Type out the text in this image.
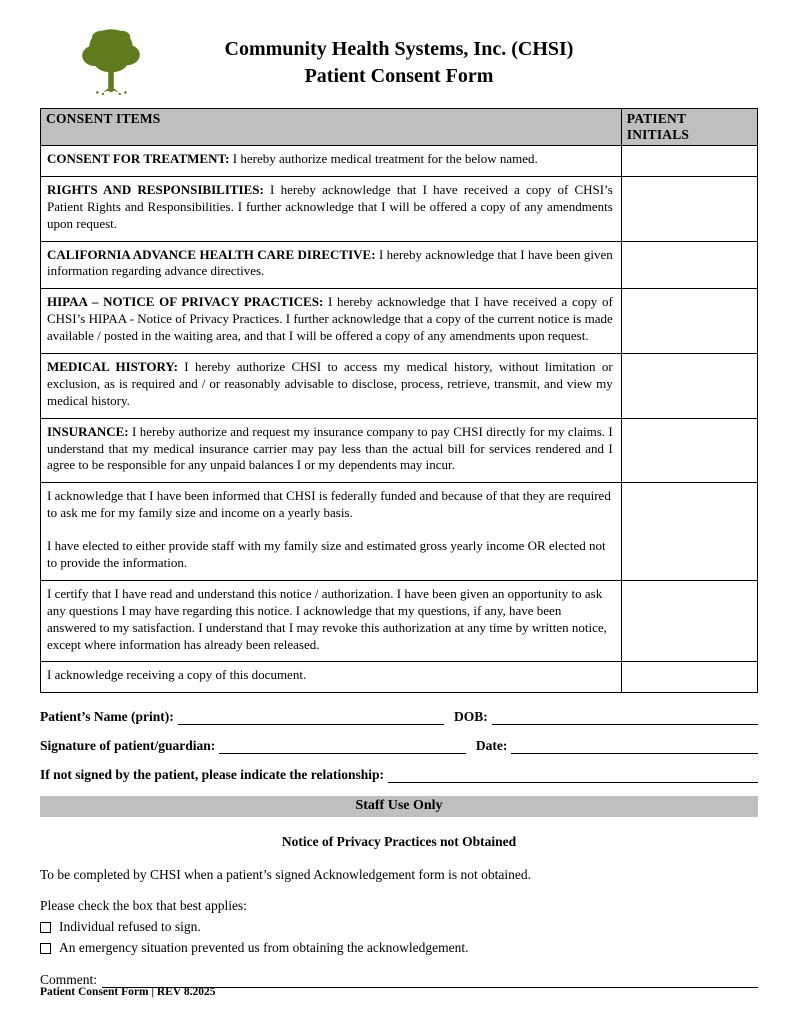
Community Health Systems, Inc. (CHSI)
Patient Consent Form
CONSENT ITEMS	PATIENT INITIALS

CONSENT FOR TREATMENT: I hereby authorize medical treatment for the below named.	

RIGHTS AND RESPONSIBILITIES: I hereby acknowledge that I have received a copy of CHSI’s Patient Rights and Responsibilities. I further acknowledge that I will be offered a copy of any amendments upon request.	

CALIFORNIA ADVANCE HEALTH CARE DIRECTIVE: I hereby acknowledge that I have been given information regarding advance directives.	

HIPAA – NOTICE OF PRIVACY PRACTICES: I hereby acknowledge that I have received a copy of CHSI’s HIPAA - Notice of Privacy Practices. I further acknowledge that a copy of the current notice is made available / posted in the waiting area, and that I will be offered a copy of any amendments upon request.	

MEDICAL HISTORY: I hereby authorize CHSI to access my medical history, without limitation or exclusion, as is required and / or reasonably advisable to disclose, process, retrieve, transmit, and view my medical history.	

INSURANCE: I hereby authorize and request my insurance company to pay CHSI directly for my claims. I understand that my medical insurance carrier may pay less than the actual bill for services rendered and I agree to be responsible for any unpaid balances I or my dependents may incur.	

I acknowledge that I have been informed that CHSI is federally funded and because of that they are required to ask me for my family size and income on a yearly basis.

I have elected to either provide staff with my family size and estimated gross yearly income OR elected not to provide the information.	

I certify that I have read and understand this notice / authorization. I have been given an opportunity to ask any questions I may have regarding this notice. I acknowledge that my questions, if any, have been answered to my satisfaction. I understand that I may revoke this authorization at any time by written notice, except where information has already been released.	

I acknowledge receiving a copy of this document.	

Patient’s Name (print):	DOB:
Signature of patient/guardian:	Date:
If not signed by the patient, please indicate the relationship:
Staff Use Only
Notice of Privacy Practices not Obtained
To be completed by CHSI when a patient’s signed Acknowledgement form is not obtained.
Please check the box that best applies:
Individual refused to sign.
An emergency situation prevented us from obtaining the acknowledgement.
Comment:
Patient Consent Form | REV 8.2025
